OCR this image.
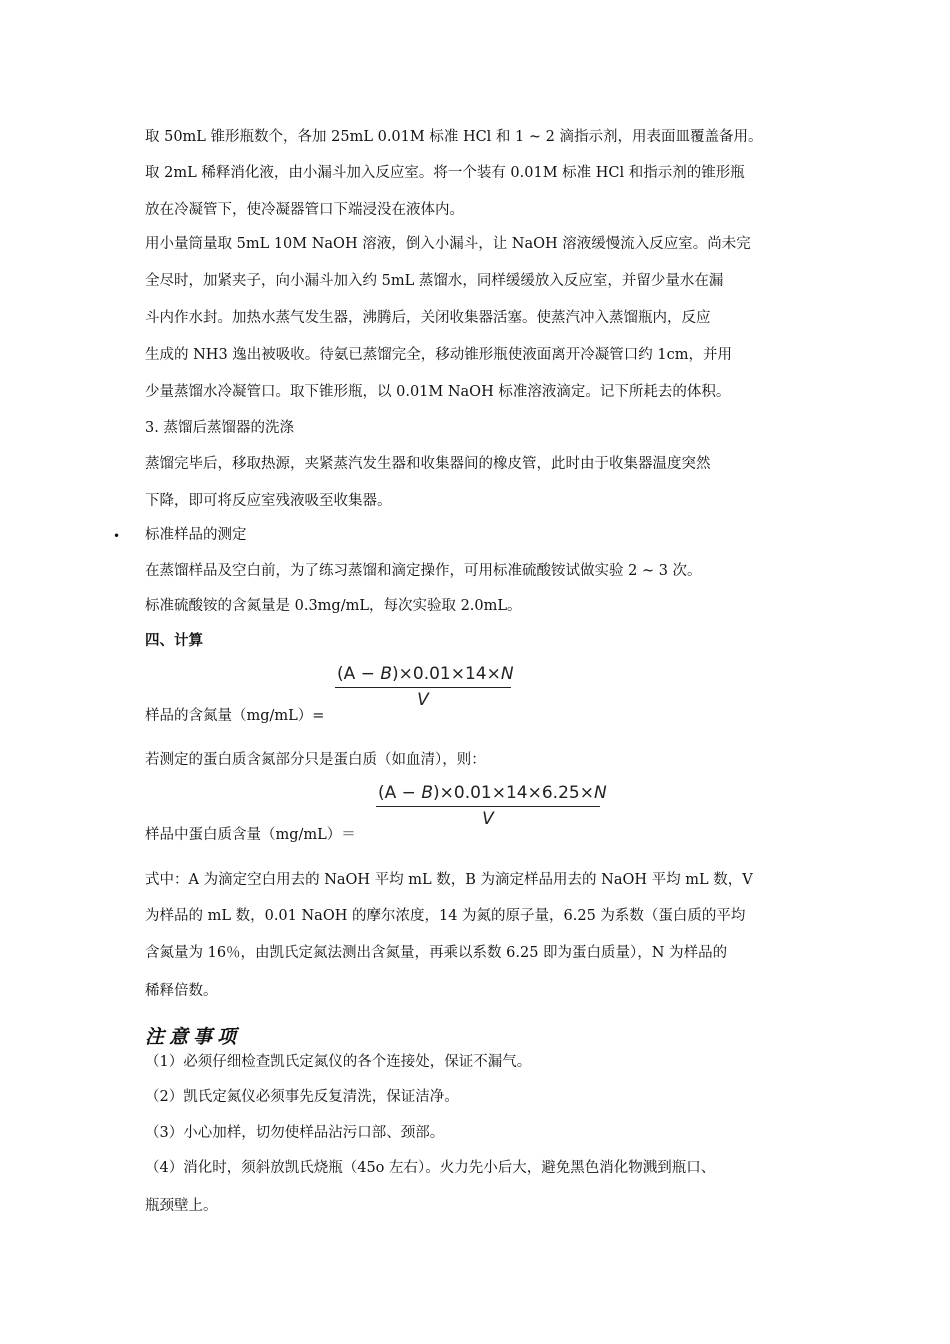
取 50mL 锥形瓶数个，各加 25mL 0.01M 标准 HCl 和 1 ~ 2 滴指示剂，用表面皿覆盖备用。
取 2mL 稀释消化液，由小漏斗加入反应室。将一个装有 0.01M 标准 HCl 和指示剂的锥形瓶
放在冷凝管下，使冷凝器管口下端浸没在液体内。
用小量筒量取 5mL 10M NaOH 溶液，倒入小漏斗，让 NaOH 溶液缓慢流入反应室。尚未完
全尽时，加紧夹子，向小漏斗加入约 5mL 蒸馏水，同样缓缓放入反应室，并留少量水在漏
斗内作水封。加热水蒸气发生器，沸腾后，关闭收集器活塞。使蒸汽冲入蒸馏瓶内，反应
生成的 NH3 逸出被吸收。待氨已蒸馏完全，移动锥形瓶使液面离开冷凝管口约 1cm，并用
少量蒸馏水冷凝管口。取下锥形瓶，以 0.01M NaOH 标准溶液滴定。记下所耗去的体积。
3. 蒸馏后蒸馏器的洗涤
蒸馏完毕后，移取热源，夹紧蒸汽发生器和收集器间的橡皮管，此时由于收集器温度突然
下降，即可将反应室残液吸至收集器。
• 标准样品的测定
在蒸馏样品及空白前，为了练习蒸馏和滴定操作，可用标准硫酸铵试做实验 2 ~ 3 次。
标准硫酸铵的含氮量是 0.3mg/mL，每次实验取 2.0mL。
四、计算
(A − B)×0.01×14×N
V
样品的含氮量（mg/mL）=
若测定的蛋白质含氮部分只是蛋白质（如血清），则：
(A − B)×0.01×14×6.25×N
V
样品中蛋白质含量（mg/mL）＝
式中：A 为滴定空白用去的 NaOH 平均 mL 数，B 为滴定样品用去的 NaOH 平均 mL 数，V
为样品的 mL 数，0.01 NaOH 的摩尔浓度，14 为氮的原子量，6.25 为系数（蛋白质的平均
含氮量为 16％，由凯氏定氮法测出含氮量，再乘以系数 6.25 即为蛋白质量），N 为样品的
稀释倍数。
注意事项
（1）必须仔细检查凯氏定氮仪的各个连接处，保证不漏气。
（2）凯氏定氮仪必须事先反复清洗，保证洁净。
（3）小心加样，切勿使样品沾污口部、颈部。
（4）消化时，须斜放凯氏烧瓶（45o 左右）。火力先小后大，避免黑色消化物溅到瓶口、
瓶颈壁上。
